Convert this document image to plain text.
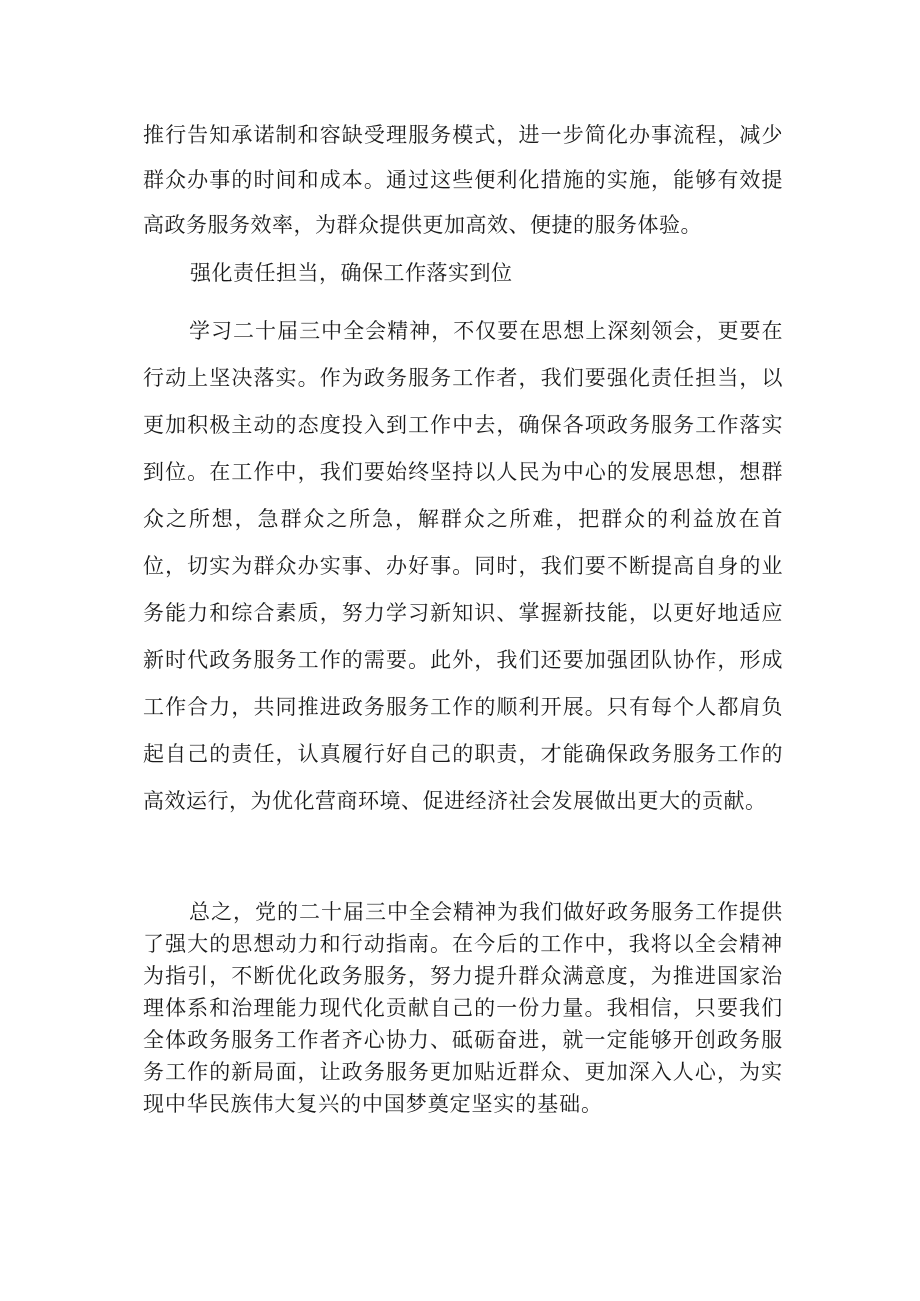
推行告知承诺制和容缺受理服务模式，进一步简化办事流程，减少群众办事的时间和成本。通过这些便利化措施的实施，能够有效提高政务服务效率，为群众提供更加高效、便捷的服务体验。

强化责任担当，确保工作落实到位

学习二十届三中全会精神，不仅要在思想上深刻领会，更要在行动上坚决落实。作为政务服务工作者，我们要强化责任担当，以更加积极主动的态度投入到工作中去，确保各项政务服务工作落实到位。在工作中，我们要始终坚持以人民为中心的发展思想，想群众之所想，急群众之所急，解群众之所难，把群众的利益放在首位，切实为群众办实事、办好事。同时，我们要不断提高自身的业务能力和综合素质，努力学习新知识、掌握新技能，以更好地适应新时代政务服务工作的需要。此外，我们还要加强团队协作，形成工作合力，共同推进政务服务工作的顺利开展。只有每个人都肩负起自己的责任，认真履行好自己的职责，才能确保政务服务工作的高效运行，为优化营商环境、促进经济社会发展做出更大的贡献。

总之，党的二十届三中全会精神为我们做好政务服务工作提供了强大的思想动力和行动指南。在今后的工作中，我将以全会精神为指引，不断优化政务服务，努力提升群众满意度，为推进国家治理体系和治理能力现代化贡献自己的一份力量。我相信，只要我们全体政务服务工作者齐心协力、砥砺奋进，就一定能够开创政务服务工作的新局面，让政务服务更加贴近群众、更加深入人心，为实现中华民族伟大复兴的中国梦奠定坚实的基础。
